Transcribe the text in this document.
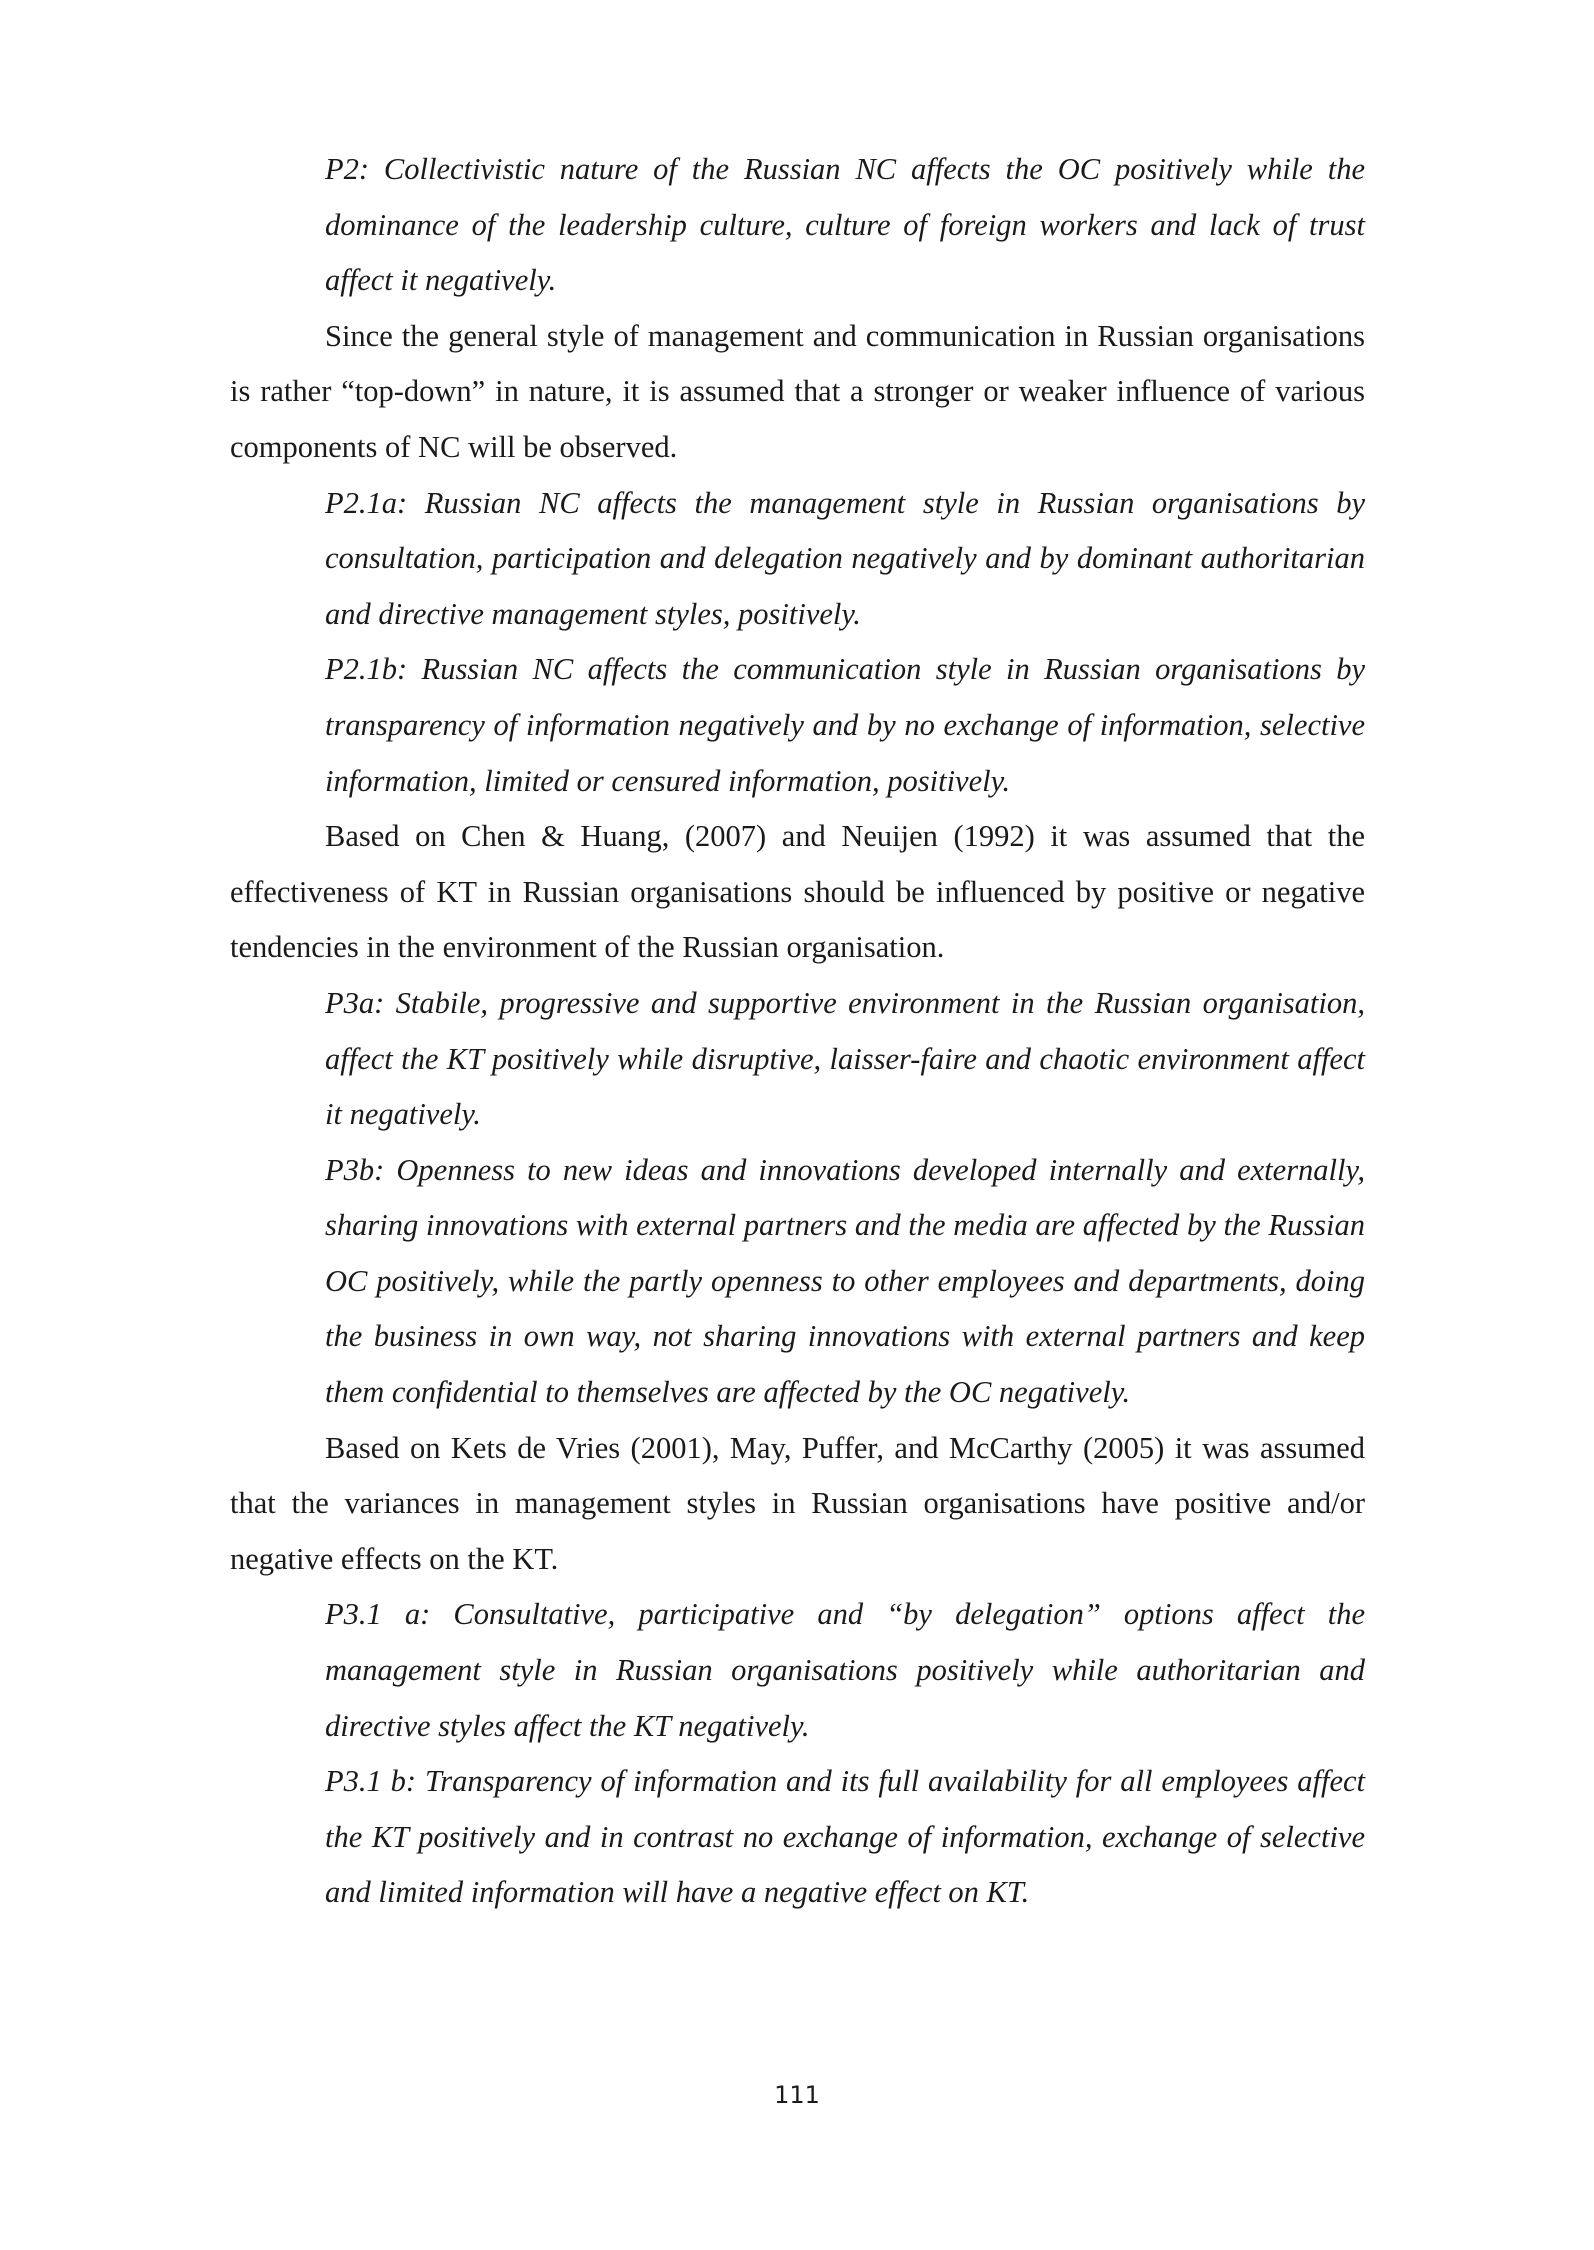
P2: Collectivistic nature of the Russian NC affects the OC positively while the dominance of the leadership culture, culture of foreign workers and lack of trust affect it negatively.

Since the general style of management and communication in Russian organisations is rather “top-down” in nature, it is assumed that a stronger or weaker influence of various components of NC will be observed.

P2.1a: Russian NC affects the management style in Russian organisations by consultation, participation and delegation negatively and by dominant authoritarian and directive management styles, positively.

P2.1b: Russian NC affects the communication style in Russian organisations by transparency of information negatively and by no exchange of information, selective information, limited or censured information, positively.

Based on Chen & Huang, (2007) and Neuijen (1992) it was assumed that the effectiveness of KT in Russian organisations should be influenced by positive or negative tendencies in the environment of the Russian organisation.

P3a: Stabile, progressive and supportive environment in the Russian organisation, affect the KT positively while disruptive, laisser-faire and chaotic environment affect it negatively.

P3b: Openness to new ideas and innovations developed internally and externally, sharing innovations with external partners and the media are affected by the Russian OC positively, while the partly openness to other employees and departments, doing the business in own way, not sharing innovations with external partners and keep them confidential to themselves are affected by the OC negatively.

Based on Kets de Vries (2001), May, Puffer, and McCarthy (2005) it was assumed that the variances in management styles in Russian organisations have positive and/or negative effects on the KT.

P3.1 a: Consultative, participative and “by delegation” options affect the management style in Russian organisations positively while authoritarian and directive styles affect the KT negatively.

P3.1 b: Transparency of information and its full availability for all employees affect the KT positively and in contrast no exchange of information, exchange of selective and limited information will have a negative effect on KT.

111
